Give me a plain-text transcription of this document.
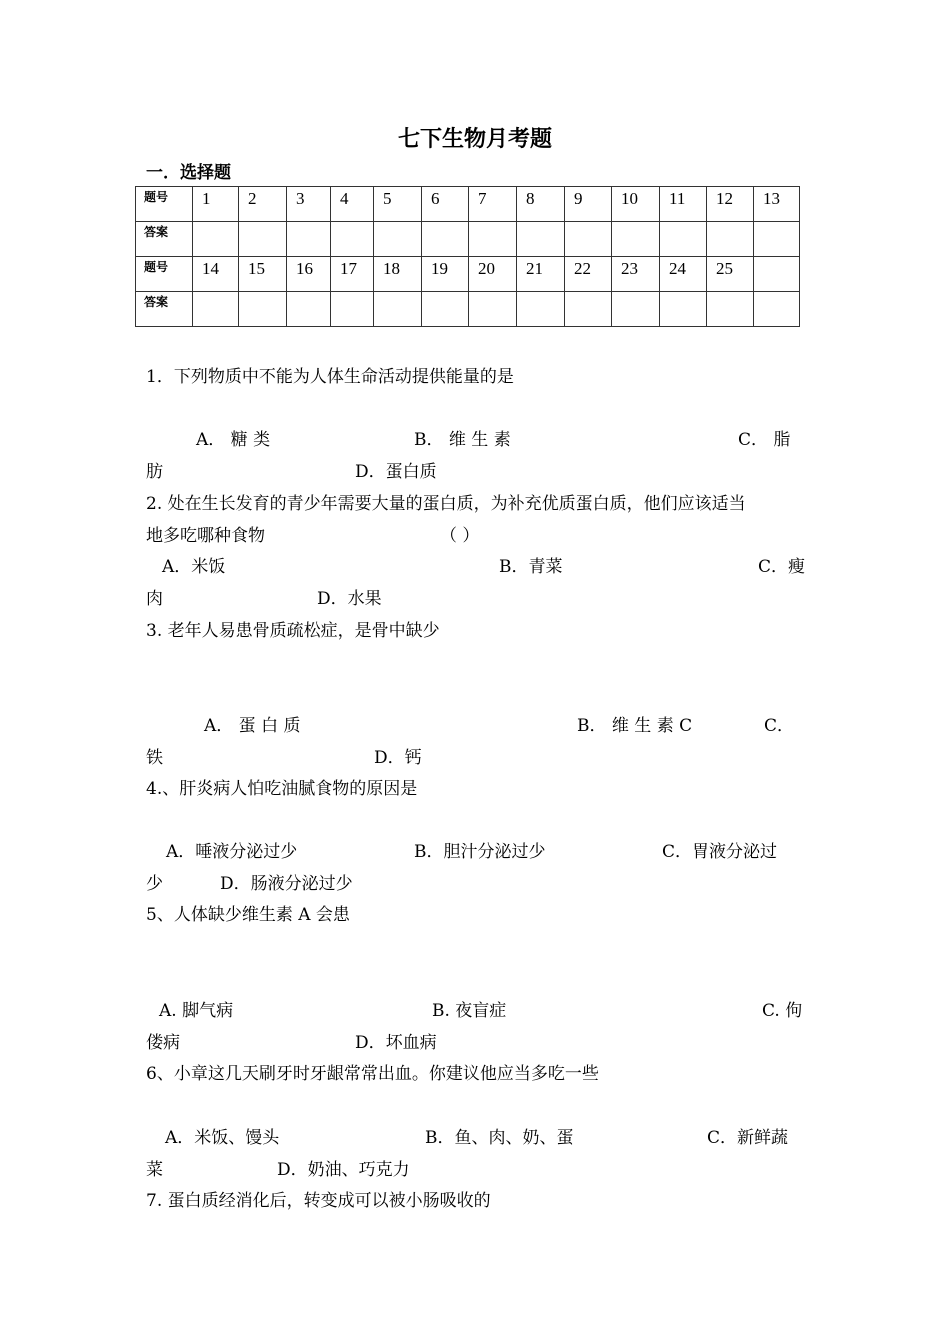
七下生物月考题
一．选择题
题号	1	2	3	4	5	6	7	8	9	10	11	12	13
答案													
题号	14	15	16	17	18	19	20	21	22	23	24	25	
答案													
1．下列物质中不能为人体生命活动提供能量的是
A． 糖 类	B． 维 生 素	C． 脂
肪	D．蛋白质
2. 处在生长发育的青少年需要大量的蛋白质，为补充优质蛋白质，他们应该适当
地多吃哪种食物	（ ）
A．米饭	B．青菜	C．瘦
肉	D．水果
3. 老年人易患骨质疏松症，是骨中缺少
A． 蛋 白 质	B． 维 生 素 C	C．
铁	D．钙
4.、肝炎病人怕吃油腻食物的原因是
A．唾液分泌过少	B．胆汁分泌过少	C．胃液分泌过
少	D．肠液分泌过少
5、人体缺少维生素 A 会患
A. 脚气病	B. 夜盲症	C. 佝
偻病	D．坏血病
6、小章这几天刷牙时牙龈常常出血。你建议他应当多吃一些
A．米饭、馒头	B．鱼、肉、奶、蛋	C．新鲜蔬
菜	D．奶油、巧克力
7. 蛋白质经消化后，转变成可以被小肠吸收的
